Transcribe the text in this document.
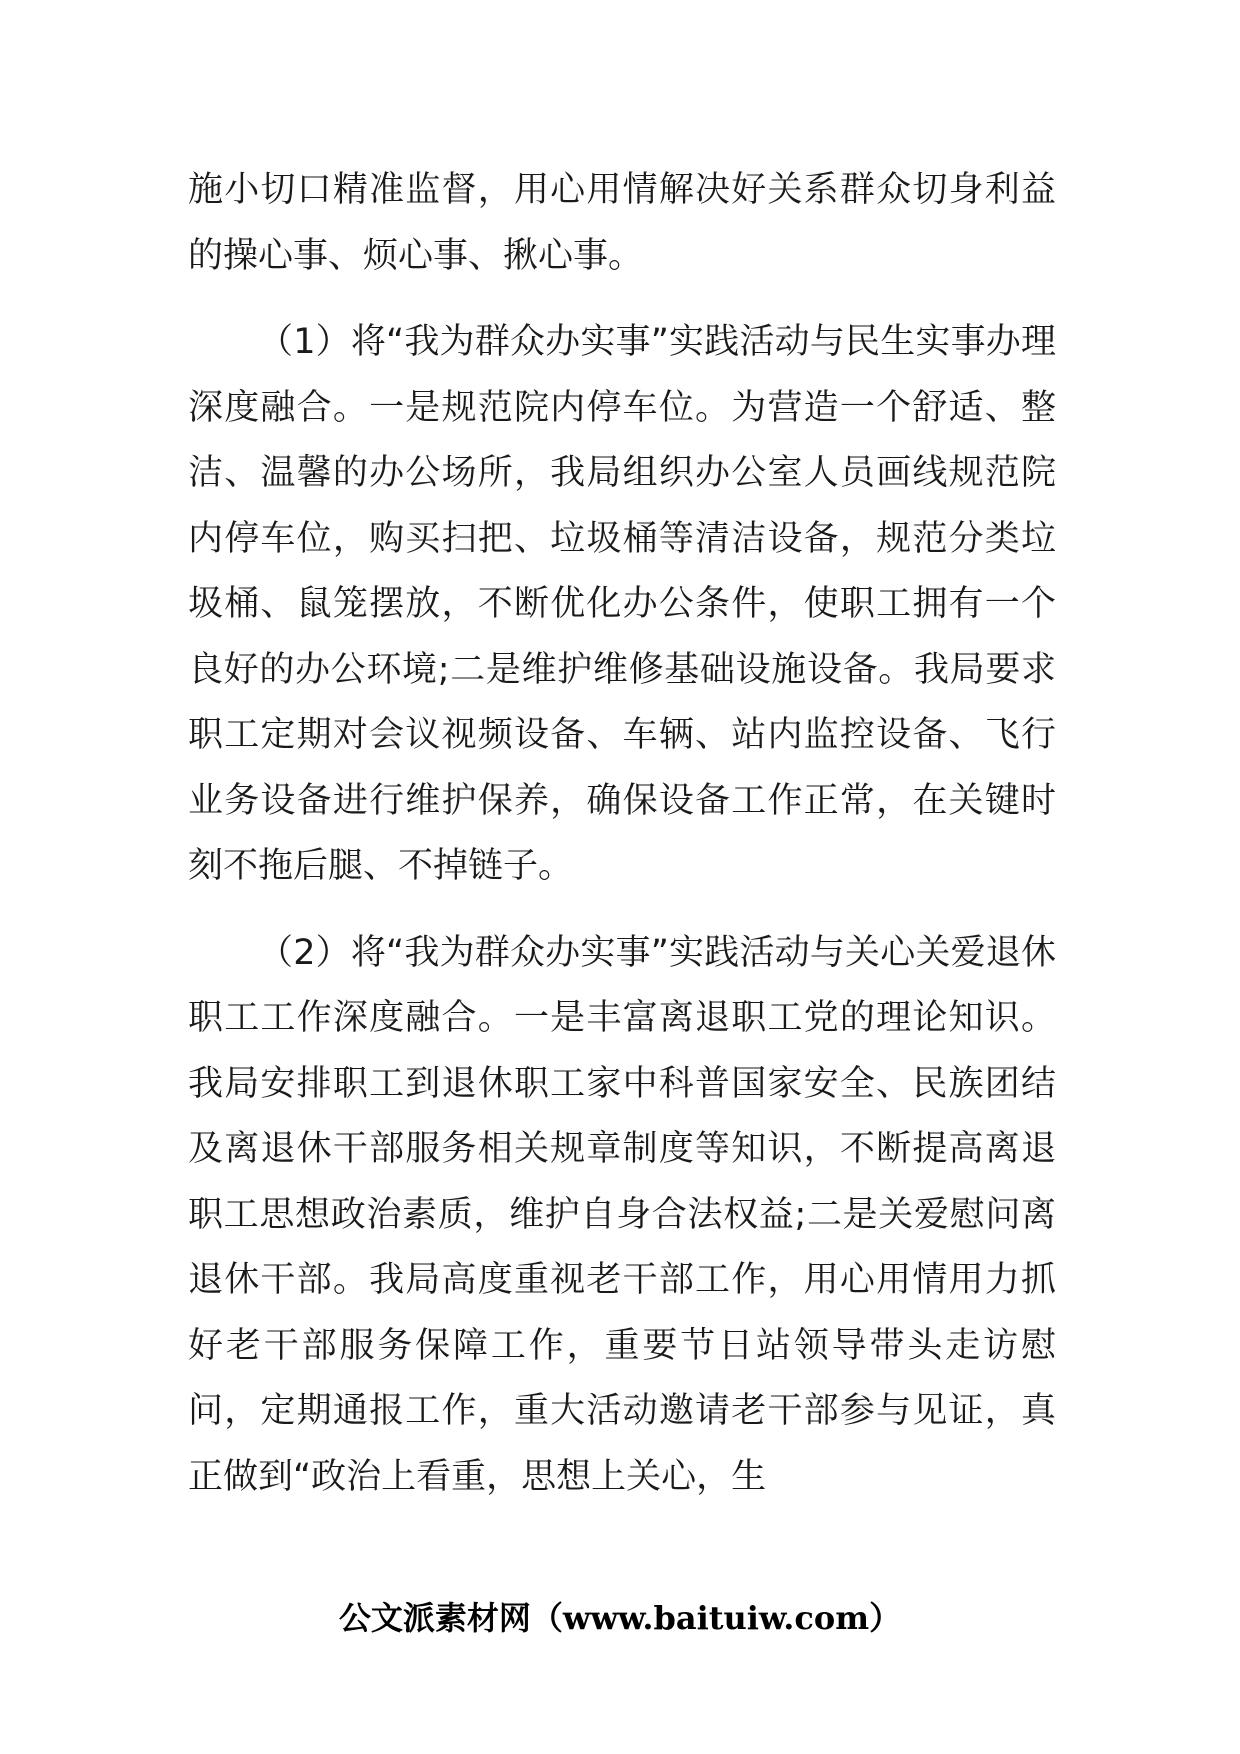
施小切口精准监督，用心用情解决好关系群众切身利益的操心事、烦心事、揪心事。

（1）将“我为群众办实事”实践活动与民生实事办理深度融合。一是规范院内停车位。为营造一个舒适、整洁、温馨的办公场所，我局组织办公室人员画线规范院内停车位，购买扫把、垃圾桶等清洁设备，规范分类垃圾桶、鼠笼摆放，不断优化办公条件，使职工拥有一个良好的办公环境;二是维护维修基础设施设备。我局要求职工定期对会议视频设备、车辆、站内监控设备、飞行业务设备进行维护保养，确保设备工作正常，在关键时刻不拖后腿、不掉链子。

（2）将“我为群众办实事”实践活动与关心关爱退休职工工作深度融合。一是丰富离退职工党的理论知识。我局安排职工到退休职工家中科普国家安全、民族团结及离退休干部服务相关规章制度等知识，不断提高离退职工思想政治素质，维护自身合法权益;二是关爱慰问离退休干部。我局高度重视老干部工作，用心用情用力抓好老干部服务保障工作，重要节日站领导带头走访慰问，定期通报工作，重大活动邀请老干部参与见证，真正做到“政治上看重，思想上关心，生

公文派素材网（www.baituiw.com）
